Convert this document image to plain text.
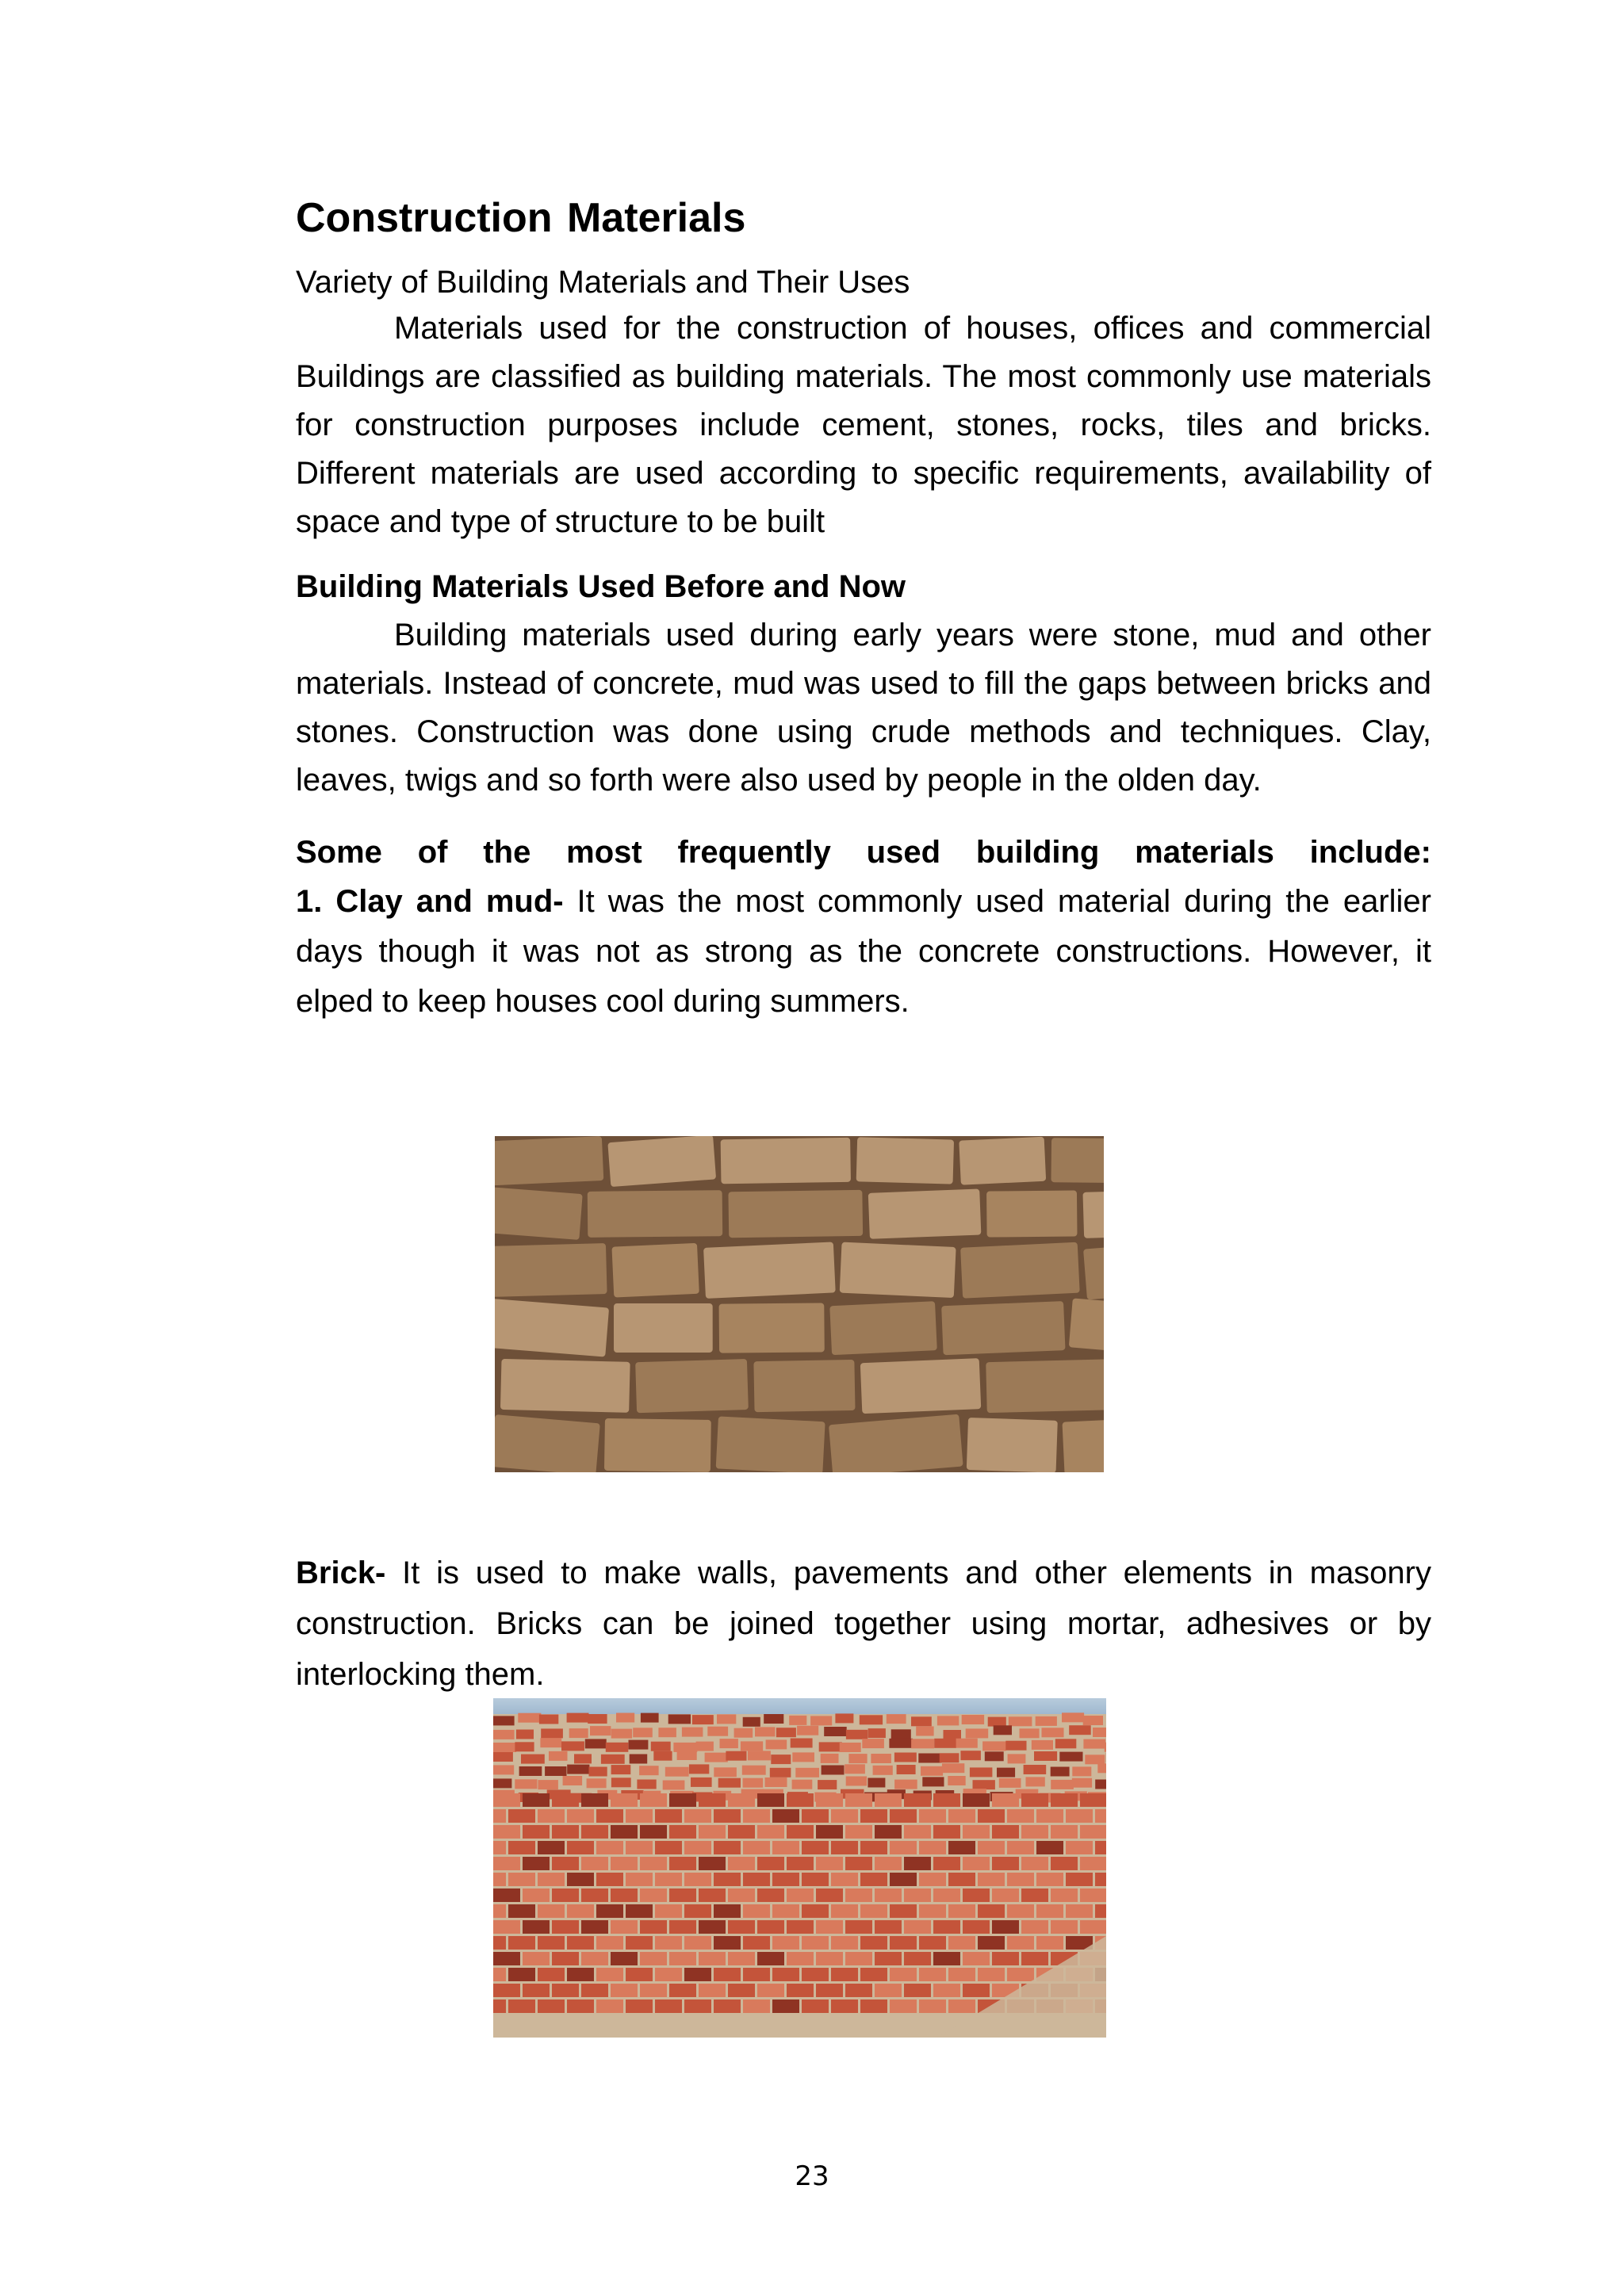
Construction Materials
Variety of Building Materials and Their Uses

Materials used for the construction of houses, offices and commercial Buildings are classified as building materials. The most commonly use materials for construction purposes include cement, stones, rocks, tiles and bricks. Different materials are used according to specific requirements, availability of space and type of structure to be built

Building Materials Used Before and Now

Building materials used during early years were stone, mud and other materials. Instead of concrete, mud was used to fill the gaps between bricks and stones. Construction was done using crude methods and techniques. Clay, leaves, twigs and so forth were also used by people in the olden day.

Some of the most frequently used building materials include:

1. Clay and mud- It was the most commonly used material during the earlier days though it was not as strong as the concrete constructions. However, it elped to keep houses cool during summers.

Brick- It is used to make walls, pavements and other elements in masonry construction. Bricks can be joined together using mortar, adhesives or by interlocking them.

23
